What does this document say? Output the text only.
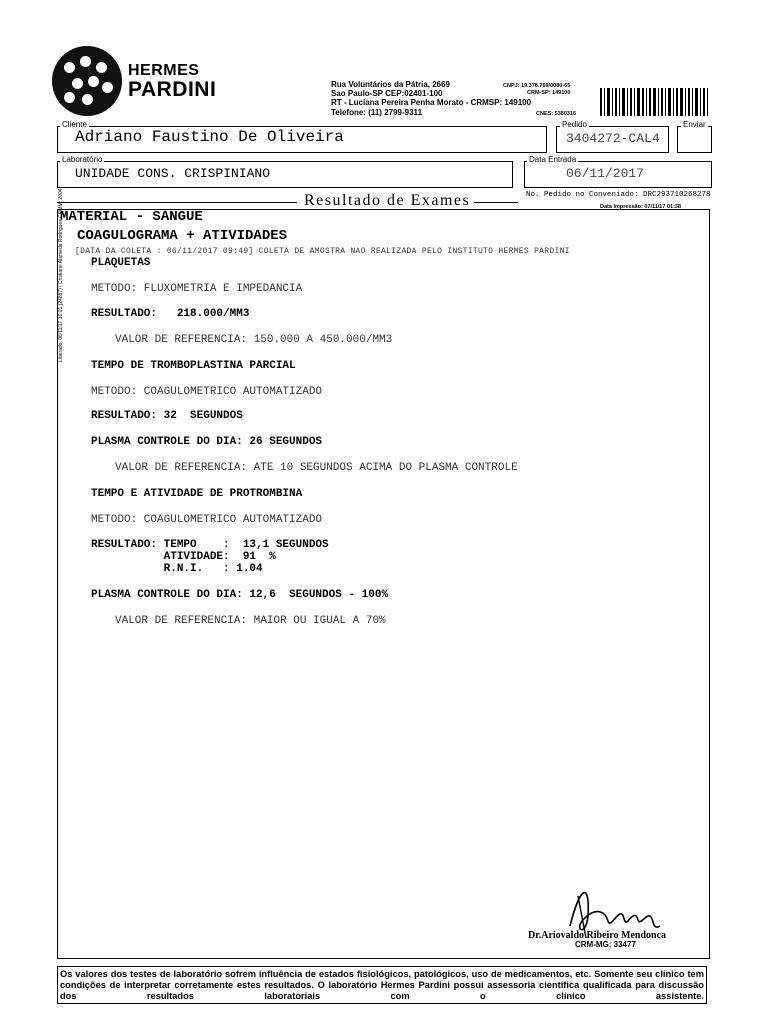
HERMES
PARDINI	Rua Voluntários da Pátria, 2669
Sao Paulo-SP CEP:02401-100
RT - Luciana Pereira Penha Morato - CRMSP: 149100
Telefone: (11) 2799-9311
CNPJ: 19.378.769/0080-65
CRM-SP: 149100
CNES: 5380316
Cliente
Adriano Faustino De Oliveira
Pedido
3404272-CAL4
Enviar
Laboratório
UNIDADE CONS. CRISPINIANO
Data Entrada
06/11/2017
No. Pedido no Conveniado: DRC293710268278
Resultado de Exames	Data Impressão: 07/11/17 01:38
MATERIAL - SANGUE
COAGULOGRAMA + ATIVIDADES
[DATA DA COLETA : 06/11/2017 09:49] COLETA DE AMOSTRA NAO REALIZADA PELO INSTITUTO HERMES PARDINI
Liberado: 06/11/17 16:01 (24887) | Cristiane Alameda Rodrigues CRMM: 2004 PLAQUETAS
METODO: FLUXOMETRIA E IMPEDANCIA
RESULTADO:   218.000/MM3
VALOR DE REFERENCIA: 150.000 A 450.000/MM3
TEMPO DE TROMBOPLASTINA PARCIAL
METODO: COAGULOMETRICO AUTOMATIZADO
RESULTADO: 32  SEGUNDOS
PLASMA CONTROLE DO DIA: 26 SEGUNDOS
VALOR DE REFERENCIA: ATE 10 SEGUNDOS ACIMA DO PLASMA CONTROLE
TEMPO E ATIVIDADE DE PROTROMBINA
METODO: COAGULOMETRICO AUTOMATIZADO
RESULTADO: TEMPO    :  13,1 SEGUNDOS
ATIVIDADE:  91  %
R.N.I.   : 1.04
PLASMA CONTROLE DO DIA: 12,6  SEGUNDOS - 100%
VALOR DE REFERENCIA: MAIOR OU IGUAL A 70%
Dr.Ariovaldo Ribeiro Mendonca
CRM-MG: 33477
Os valores dos testes de laboratório sofrem influência de estados fisiológicos, patológicos, uso de medicamentos, etc. Somente seu clínico tem condições de interpretar corretamente estes resultados. O laboratório Hermes Pardini possui assessoria científica qualificada para discussão dos resultados laboratoriais com o clínico assistente.
